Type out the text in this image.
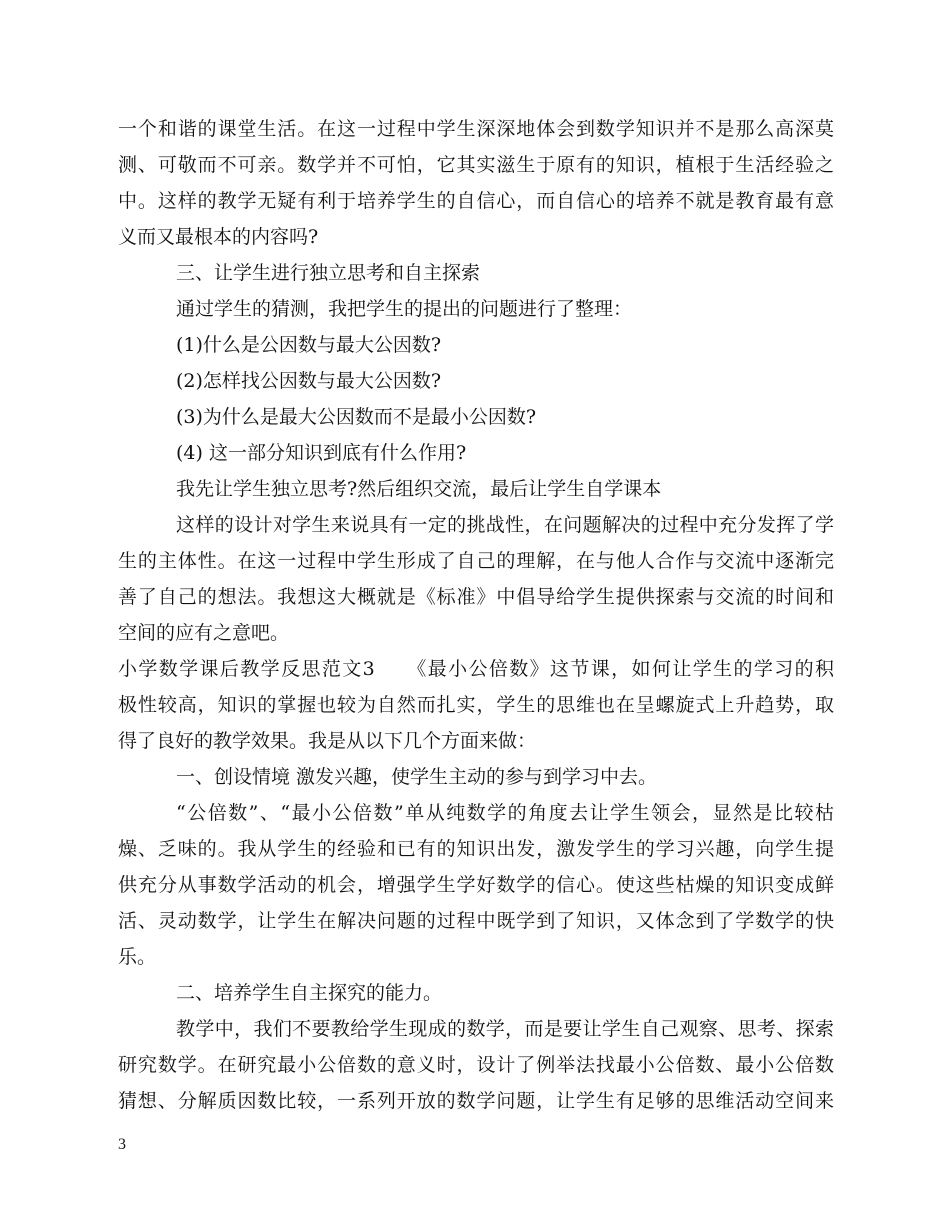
一个和谐的课堂生活。在这一过程中学生深深地体会到数学知识并不是那么高深莫
测、可敬而不可亲。数学并不可怕，它其实滋生于原有的知识，植根于生活经验之
中。这样的教学无疑有利于培养学生的自信心，而自信心的培养不就是教育最有意
义而又最根本的内容吗?
三、让学生进行独立思考和自主探索
通过学生的猜测，我把学生的提出的问题进行了整理：
(1)什么是公因数与最大公因数?
(2)怎样找公因数与最大公因数?
(3)为什么是最大公因数而不是最小公因数?
(4) 这一部分知识到底有什么作用?
我先让学生独立思考?然后组织交流，最后让学生自学课本
这样的设计对学生来说具有一定的挑战性，在问题解决的过程中充分发挥了学
生的主体性。在这一过程中学生形成了自己的理解，在与他人合作与交流中逐渐完
善了自己的想法。我想这大概就是《标准》中倡导给学生提供探索与交流的时间和
空间的应有之意吧。
小学数学课后教学反思范文3　　《最小公倍数》这节课，如何让学生的学习的积
极性较高，知识的掌握也较为自然而扎实，学生的思维也在呈螺旋式上升趋势，取
得了良好的教学效果。我是从以下几个方面来做：
一、创设情境 激发兴趣，使学生主动的参与到学习中去。
“公倍数”、“最小公倍数”单从纯数学的角度去让学生领会，显然是比较枯
燥、乏味的。我从学生的经验和已有的知识出发，激发学生的学习兴趣，向学生提
供充分从事数学活动的机会，增强学生学好数学的信心。使这些枯燥的知识变成鲜
活、灵动数学，让学生在解决问题的过程中既学到了知识，又体念到了学数学的快
乐。
二、培养学生自主探究的能力。
教学中，我们不要教给学生现成的数学，而是要让学生自己观察、思考、探索
研究数学。在研究最小公倍数的意义时，设计了例举法找最小公倍数、最小公倍数
猜想、分解质因数比较，一系列开放的数学问题，让学生有足够的思维活动空间来
3
